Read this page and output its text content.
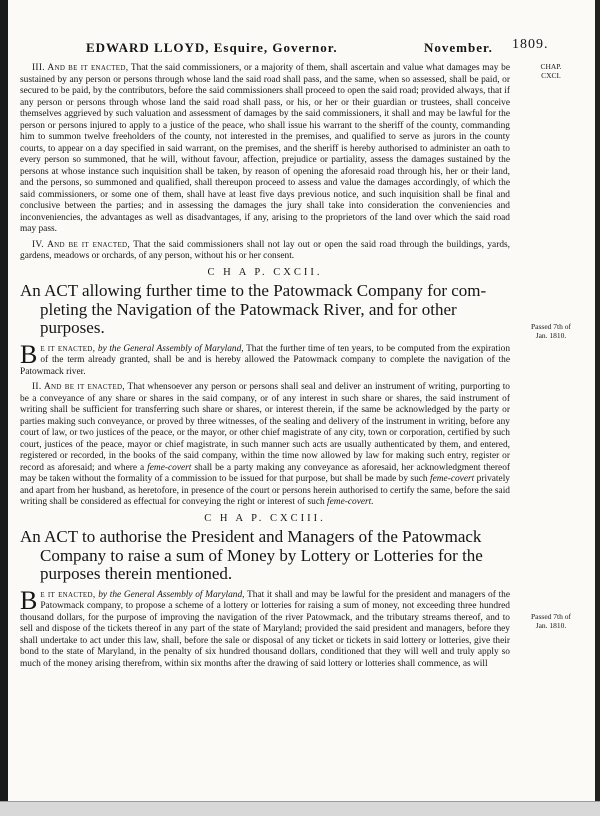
EDWARD LLOYD, Esquire, Governor.	November. 1809.
CHAP.
CXCI.
Passed 7th of
Jan. 1810.
Passed 7th of
Jan. 1810.

III. And be it enacted, That the said commissioners, or a majority of them, shall ascertain and value what damages may be sustained by any person or persons through whose land the said road shall pass, and the same, when so assessed, shall be paid, or secured to be paid, by the contributors, before the said commissioners shall proceed to open the said road; provided always, that if any person or persons through whose land the said road shall pass, or his, or her or their guardian or trustees, shall conceive themselves aggrieved by such valuation and assessment of damages by the said commissioners, it shall and may be lawful for the person or persons injured to apply to a justice of the peace, who shall issue his warrant to the sheriff of the county, commanding him to summon twelve freeholders of the county, not interested in the premises, and qualified to serve as jurors in the county courts, to appear on a day specified in said warrant, on the premises, and the sheriff is hereby authorised to administer an oath to every person so summoned, that he will, without favour, affection, prejudice or partiality, assess the damages sustained by the persons at whose instance such inquisition shall be taken, by reason of opening the aforesaid road through his, her or their land, and the persons, so summoned and qualified, shall thereupon proceed to assess and value the damages accordingly, of which the said commissioners, or some one of them, shall have at least five days previous notice, and such inquisition shall be final and conclusive between the parties; and in assessing the damages the jury shall take into consideration the conveniencies and inconveniencies, the advantages as well as disadvantages, if any, arising to the proprietors of the land over which the said road may pass.

IV. And be it enacted, That the said commissioners shall not lay out or open the said road through the buildings, yards, gardens, meadows or orchards, of any person, without his or her consent.

C H A P. CXCII.

An ACT allowing further time to the Patowmack Company for com-
pleting the Navigation of the Patowmack River, and for other purposes.

Be it enacted, by the General Assembly of Maryland, That the further time of ten years, to be computed from the expiration of the term already granted, shall be and is hereby allowed the Patowmack company to complete the navigation of the Patowmack river.

II. And be it enacted, That whensoever any person or persons shall seal and deliver an instrument of writing, purporting to be a conveyance of any share or shares in the said company, or of any interest in such share or shares, the said instrument of writing shall be sufficient for transferring such share or shares, or interest therein, if the same be acknowledged by the party or parties making such conveyance, or proved by three witnesses, of the sealing and delivery of the instrument in writing, before any court of law, or two justices of the peace, or the mayor, or other chief magistrate of any city, town or corporation, certified by such court, justices of the peace, mayor or chief magistrate, in such manner such acts are usually authenticated by them, and entered, registered or recorded, in the books of the said company, within the time now allowed by law for making such entry, register or record as aforesaid; and where a feme-covert shall be a party making any conveyance as aforesaid, her acknowledgment thereof may be taken without the formality of a commission to be issued for that purpose, but shall be made by such feme-covert privately and apart from her husband, as heretofore, in presence of the court or persons herein authorised to certify the same, before the said writing shall be considered as effectual for conveying the right or interest of such feme-covert.

C H A P. CXCIII.

An ACT to authorise the President and Managers of the Patowmack
Company to raise a sum of Money by Lottery or Lotteries for the purposes therein mentioned.

Be it enacted, by the General Assembly of Maryland, That it shall and may be lawful for the president and managers of the Patowmack company, to propose a scheme of a lottery or lotteries for raising a sum of money, not exceeding three hundred thousand dollars, for the purpose of improving the navigation of the river Patowmack, and the tributary streams thereof, and to sell and dispose of the tickets thereof in any part of the state of Maryland; provided the said president and managers, before they shall undertake to act under this law, shall, before the sale or disposal of any ticket or tickets in said lottery or lotteries, give their bond to the state of Maryland, in the penalty of six hundred thousand dollars, conditioned that they will well and truly apply so much of the money arising therefrom, within six months after the drawing of said lottery or lotteries shall commence, as will
